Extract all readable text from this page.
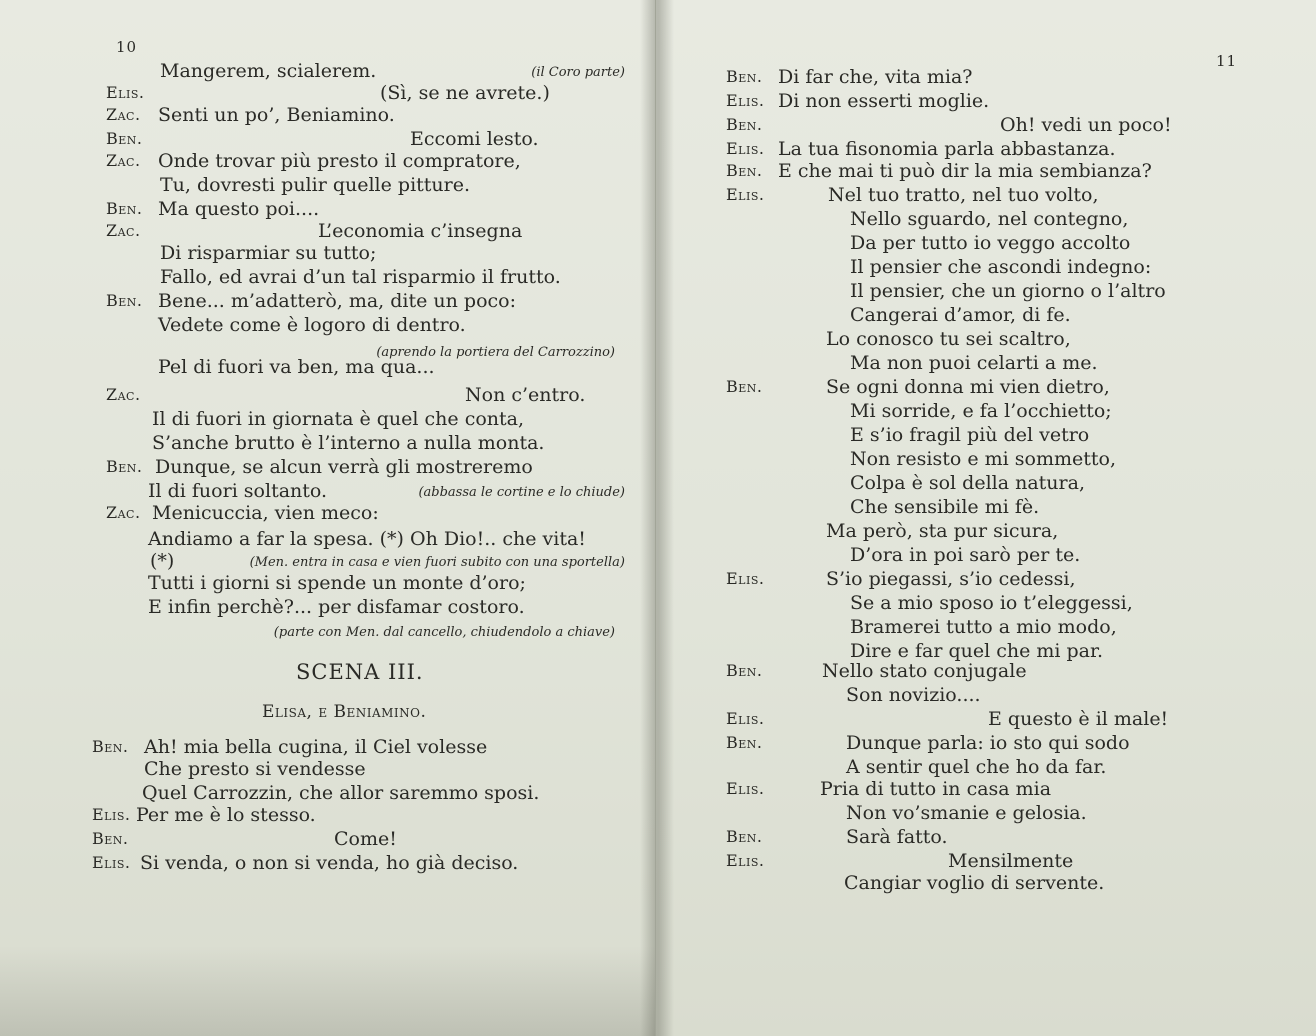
10
Mangerem, scialerem.	(il Coro parte)
Elis.	(Sì, se ne avrete.)
Zac. Senti un po’, Beniamino.
Ben.	Eccomi lesto.
Zac. Onde trovar più presto il compratore,
Tu, dovresti pulir quelle pitture.
Ben. Ma questo poi....
Zac.	L’economia c’insegna
Di risparmiar su tutto;
Fallo, ed avrai d’un tal risparmio il frutto.
Ben. Bene... m’adatterò, ma, dite un poco:
Vedete come è logoro di dentro.
(aprendo la portiera del Carrozzino)
Pel di fuori va ben, ma qua...
Zac.	Non c’entro.
Il di fuori in giornata è quel che conta,
S’anche brutto è l’interno a nulla monta.
Ben. Dunque, se alcun verrà gli mostreremo
Il di fuori soltanto.	(abbassa le cortine e lo chiude)
Zac. Menicuccia, vien meco:
Andiamo a far la spesa. (*) Oh Dio!.. che vita!
(*)	(Men. entra in casa e vien fuori subito con una sportella)
Tutti i giorni si spende un monte d’oro;
E infin perchè?... per disfamar costoro.
(parte con Men. dal cancello, chiudendolo a chiave)
SCENA III.
Elisa, e Beniamino.
Ben. Ah! mia bella cugina, il Ciel volesse
Che presto si vendesse
Quel Carrozzin, che allor saremmo sposi.
Elis. Per me è lo stesso.
Ben.	Come!
Elis. Si venda, o non si venda, ho già deciso.
11
Ben. Di far che, vita mia?
Elis. Di non esserti moglie.
Ben.	Oh! vedi un poco!
Elis. La tua fisonomia parla abbastanza.
Ben. E che mai ti può dir la mia sembianza?
Elis.	Nel tuo tratto, nel tuo volto,
Nello sguardo, nel contegno,
Da per tutto io veggo accolto
Il pensier che ascondi indegno:
Il pensier, che un giorno o l’altro
Cangerai d’amor, di fe.
Lo conosco tu sei scaltro,
Ma non puoi celarti a me.
Ben.	Se ogni donna mi vien dietro,
Mi sorride, e fa l’occhietto;
E s’io fragil più del vetro
Non resisto e mi sommetto,
Colpa è sol della natura,
Che sensibile mi fè.
Ma però, sta pur sicura,
D’ora in poi sarò per te.
Elis.	S’io piegassi, s’io cedessi,
Se a mio sposo io t’eleggessi,
Bramerei tutto a mio modo,
Dire e far quel che mi par.
Ben.	Nello stato conjugale
Son novizio....
Elis.	E questo è il male!
Ben.	Dunque parla: io sto qui sodo
A sentir quel che ho da far.
Elis.	Pria di tutto in casa mia
Non vo’smanie e gelosia.
Ben.	Sarà fatto.
Elis.	Mensilmente
Cangiar voglio di servente.
